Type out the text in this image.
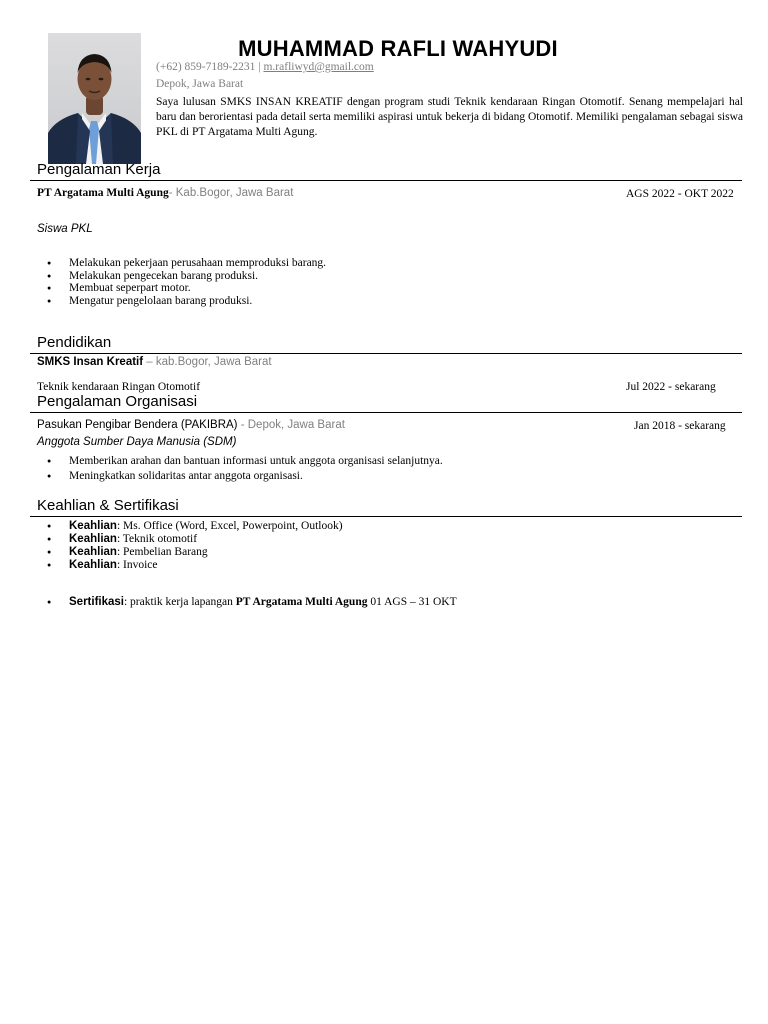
MUHAMMAD RAFLI WAHYUDI
(+62) 859-7189-2231 | m.rafliwyd@gmail.com
Depok, Jawa Barat
Saya lulusan SMKS INSAN KREATIF dengan program studi Teknik kendaraan Ringan Otomotif. Senang mempelajari hal baru dan berorientasi pada detail serta memiliki aspirasi untuk bekerja di bidang Otomotif. Memiliki pengalaman sebagai siswa PKL di PT Argatama Multi Agung.
Pengalaman Kerja
PT Argatama Multi Agung- Kab.Bogor, Jawa Barat	AGS 2022 - OKT 2022
Siswa PKL
● Melakukan pekerjaan perusahaan memproduksi barang.
● Melakukan pengecekan barang produksi.
● Membuat seperpart motor.
● Mengatur pengelolaan barang produksi.
Pendidikan
SMKS Insan Kreatif – kab.Bogor, Jawa Barat
Teknik kendaraan Ringan Otomotif	Jul 2022 - sekarang
Pengalaman Organisasi
Pasukan Pengibar Bendera (PAKIBRA) - Depok, Jawa Barat	Jan 2018 - sekarang
Anggota Sumber Daya Manusia (SDM)
● Memberikan arahan dan bantuan informasi untuk anggota organisasi selanjutnya.
● Meningkatkan solidaritas antar anggota organisasi.
Keahlian & Sertifikasi
● Keahlian: Ms. Office (Word, Excel, Powerpoint, Outlook)
● Keahlian: Teknik otomotif
● Keahlian: Pembelian Barang
● Keahlian: Invoice
● Sertifikasi: praktik kerja lapangan PT Argatama Multi Agung 01 AGS – 31 OKT
